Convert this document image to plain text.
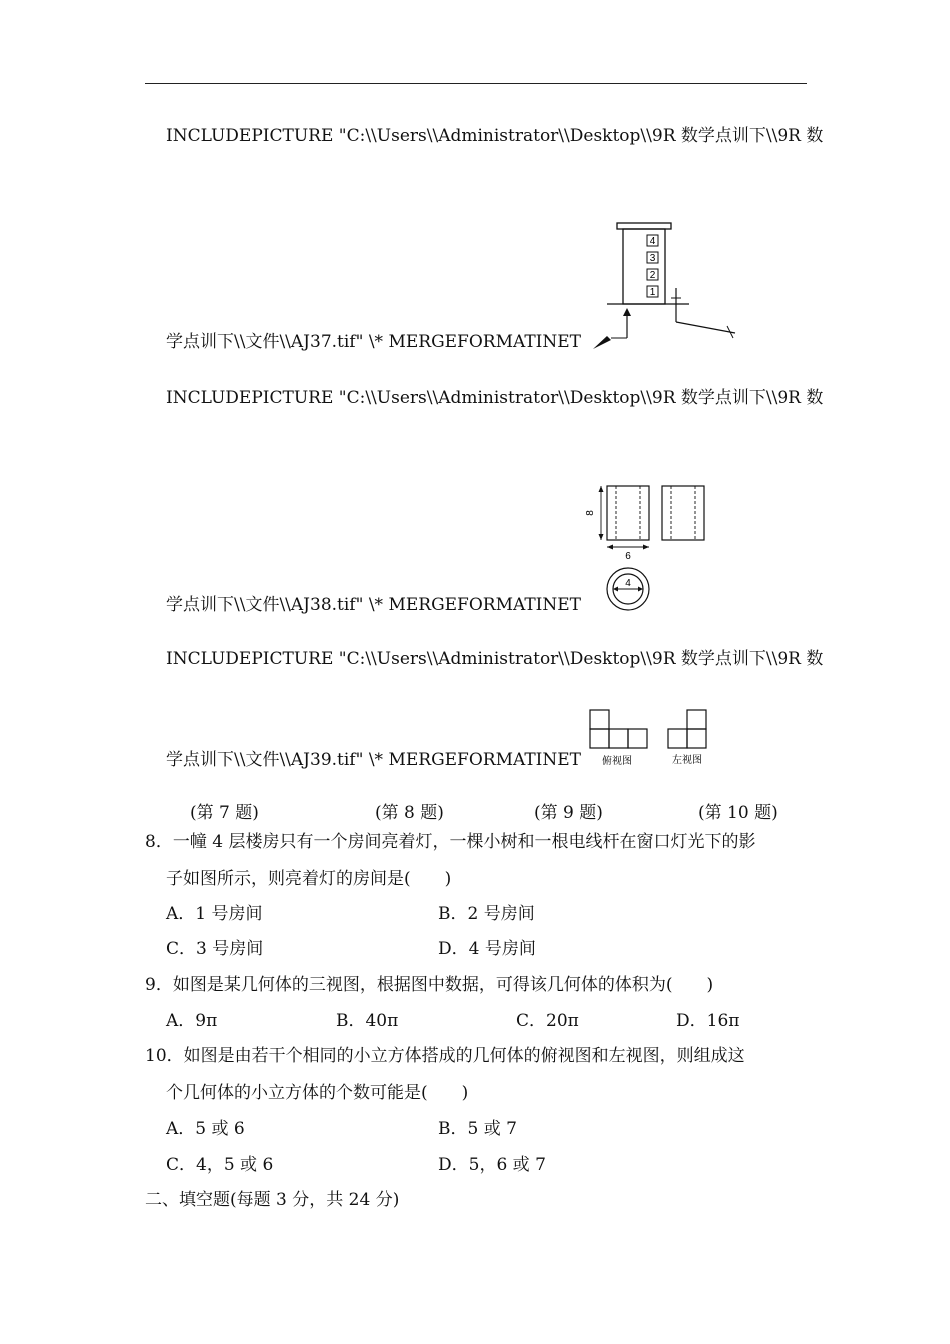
INCLUDEPICTURE "C:\\Users\\Administrator\\Desktop\\9R 数学点训下\\9R 数
学点训下\\文件\\AJ37.tif" \* MERGEFORMATINET
4
3
2
1
INCLUDEPICTURE "C:\\Users\\Administrator\\Desktop\\9R 数学点训下\\9R 数
学点训下\\文件\\AJ38.tif" \* MERGEFORMATINET
8
6
4
INCLUDEPICTURE "C:\\Users\\Administrator\\Desktop\\9R 数学点训下\\9R 数
学点训下\\文件\\AJ39.tif" \* MERGEFORMATINET 俯视图	左视图
(第 7 题)	(第 8 题)	(第 9 题)	(第 10 题)
8．一幢 4 层楼房只有一个房间亮着灯，一棵小树和一根电线杆在窗口灯光下的影
子如图所示，则亮着灯的房间是(　　)
A．1 号房间	B．2 号房间
C．3 号房间	D．4 号房间
9．如图是某几何体的三视图，根据图中数据，可得该几何体的体积为(　　)
A．9π	B．40π	C．20π	D．16π
10．如图是由若干个相同的小立方体搭成的几何体的俯视图和左视图，则组成这
个几何体的小立方体的个数可能是(　　)
A．5 或 6	B．5 或 7
C．4，5 或 6	D．5，6 或 7
二、填空题(每题 3 分，共 24 分)
